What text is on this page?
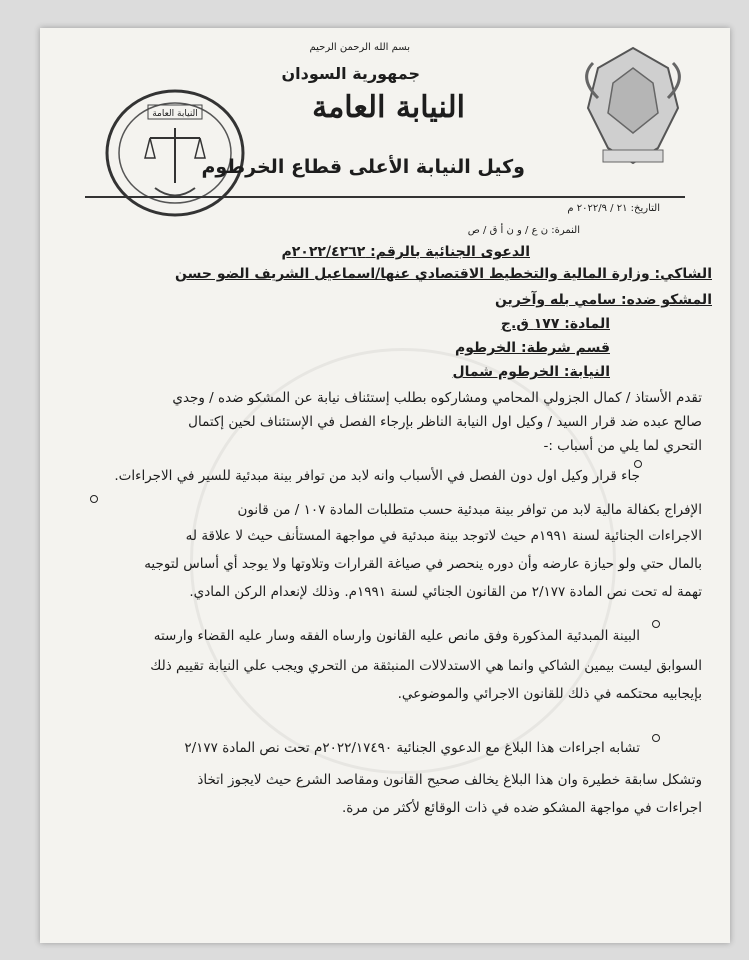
النيابة العامة
بسم الله الرحمن الرحيم
جمهورية السودان
النيابة العامة
وكيل النيابة الأعلى قطاع الخرطوم
التاريخ: ٢١ / ٢٠٢٢/٩ م
النمرة: ن ع / و ن أ ق / ص
الدعوى الجنائية بالرقم: ٢٠٢٢/٤٢٦٢م
الشاكي: وزارة المالية والتخطيط الاقتصادي عنها/اسماعيل الشريف الضو حسن
المشكو ضده: سامي بله وآخرين
المادة: ١٧٧ ق.ج
قسم شرطة: الخرطوم
النيابة: الخرطوم شمال
تقدم الأستاذ / كمال الجزولي المحامي ومشاركوه بطلب إستئناف نيابة عن المشكو ضده / وجدي
صالح عبده ضد قرار السيد / وكيل اول النيابة الناظر بإرجاء الفصل في الإستئناف لحين إكتمال
التحري لما يلي من أسباب :-
جاء قرار وكيل اول دون الفصل في الأسباب وانه لابد من توافر بينة مبدئية للسير في الاجراءات.
الإفراج بكفالة مالية لابد من توافر بينة مبدئية حسب متطلبات المادة ١٠٧ / من قانون
الاجراءات الجنائية لسنة ١٩٩١م حيث لاتوجد بينة مبدئية في مواجهة المستأنف حيث لا علاقة له
بالمال حتي ولو حيازة عارضه وأن دوره ينحصر في صياغة القرارات وتلاوتها ولا يوجد أي أساس لتوجيه
تهمة له تحت نص المادة ٢/١٧٧ من القانون الجنائي لسنة ١٩٩١م. وذلك لإنعدام الركن المادي.
البينة المبدئية المذكورة وفق مانص عليه القانون وارساه الفقه وسار عليه القضاء وارسته
السوابق ليست بيمين الشاكي وانما هي الاستدلالات المنبثقة من التحري ويجب علي النيابة تقييم ذلك
بإيجابيه محتكمه في ذلك للقانون الاجرائي والموضوعي.
تشابه اجراءات هذا البلاغ مع الدعوي الجنائية ٢٠٢٢/١٧٤٩٠م تحت نص المادة ٢/١٧٧
وتشكل سابقة خطيرة وان هذا البلاغ يخالف صحيح القانون ومقاصد الشرع حيث لايجوز اتخاذ
اجراءات في مواجهة المشكو ضده في ذات الوقائع لأكثر من مرة.
